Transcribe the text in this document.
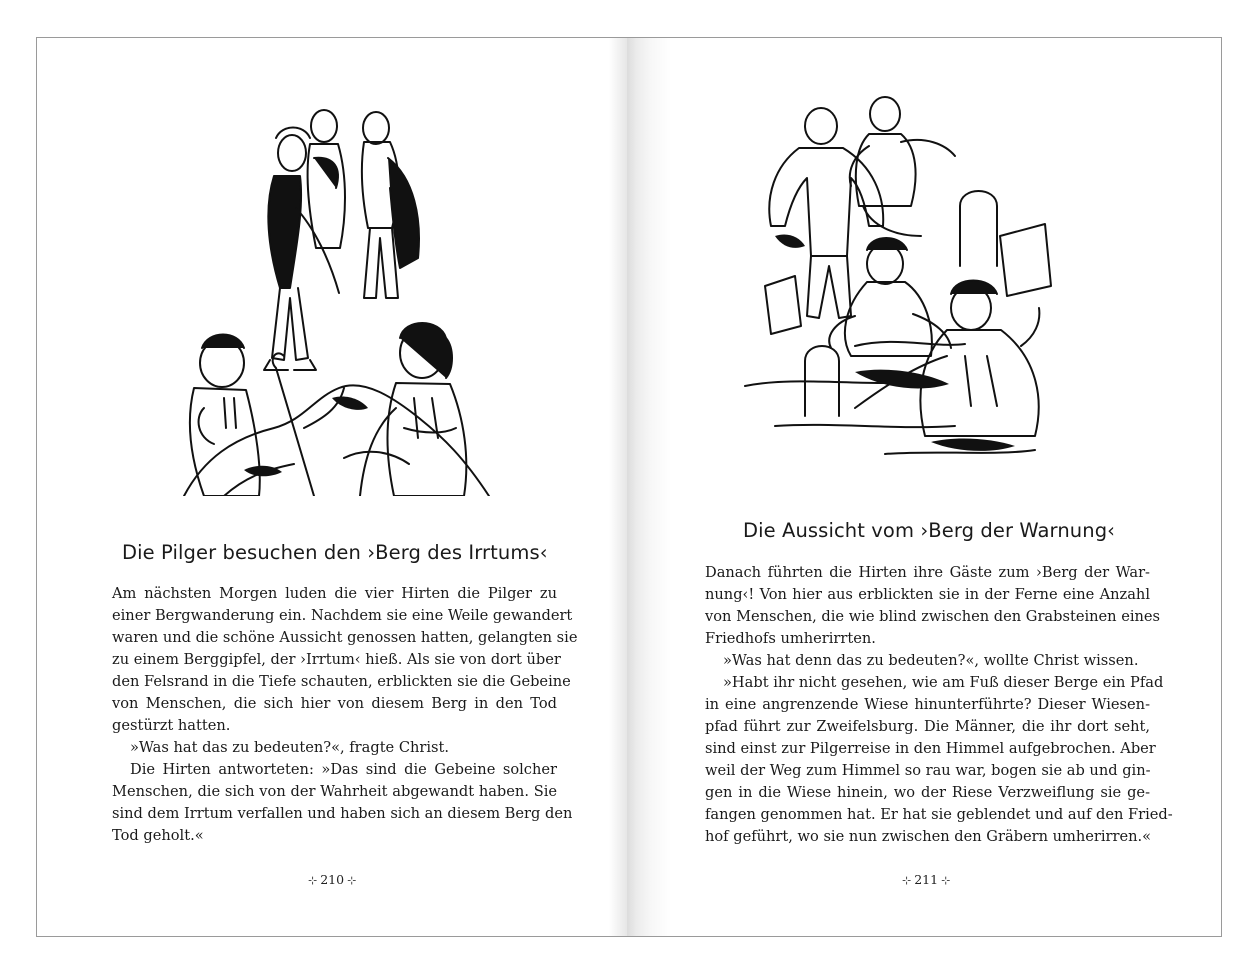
Die Pilger besuchen den ›Berg des Irrtums‹
Am nächsten Morgen luden die vier Hirten die Pilger zu
einer Bergwanderung ein. Nachdem sie eine Weile gewandert
waren und die schöne Aussicht genossen hatten, gelangten sie
zu einem Berggipfel, der ›Irrtum‹ hieß. Als sie von dort über
den Felsrand in die Tiefe schauten, erblickten sie die Gebeine
von Menschen, die sich hier von diesem Berg in den Tod
gestürzt hatten.
»Was hat das zu bedeuten?«, fragte Christ.
Die Hirten antworteten: »Das sind die Gebeine solcher
Menschen, die sich von der Wahrheit abgewandt haben. Sie
sind dem Irrtum verfallen und haben sich an diesem Berg den
Tod geholt.«
⊹ 210 ⊹
Die Aussicht vom ›Berg der Warnung‹
Danach führten die Hirten ihre Gäste zum ›Berg der War-
nung‹! Von hier aus erblickten sie in der Ferne eine Anzahl
von Menschen, die wie blind zwischen den Grabsteinen eines
Friedhofs umherirrten.
»Was hat denn das zu bedeuten?«, wollte Christ wissen.
»Habt ihr nicht gesehen, wie am Fuß dieser Berge ein Pfad
in eine angrenzende Wiese hinunterführte? Dieser Wiesen-
pfad führt zur Zweifelsburg. Die Männer, die ihr dort seht,
sind einst zur Pilgerreise in den Himmel aufgebrochen. Aber
weil der Weg zum Himmel so rau war, bogen sie ab und gin-
gen in die Wiese hinein, wo der Riese Verzweiflung sie ge-
fangen genommen hat. Er hat sie geblendet und auf den Fried-
hof geführt, wo sie nun zwischen den Gräbern umherirren.«
⊹ 211 ⊹
